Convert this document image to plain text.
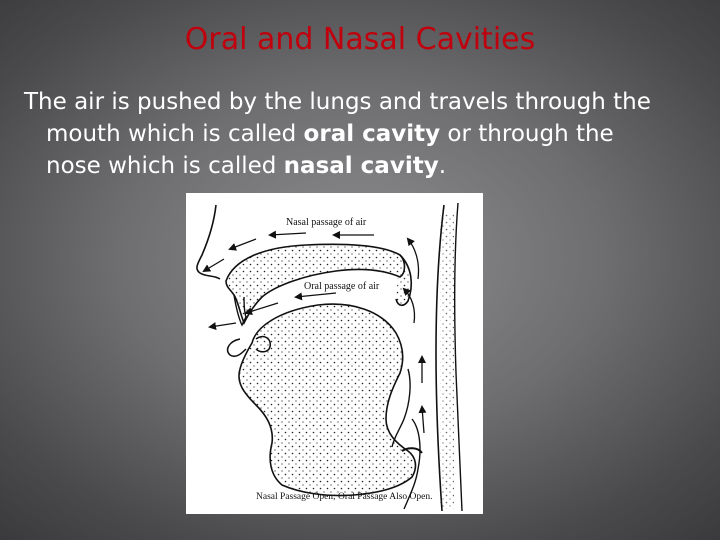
Oral and Nasal Cavities
The air is pushed by the lungs and travels through the
mouth which is called oral cavity or through the
nose which is called nasal cavity.
Nasal passage of air
Oral passage of air
Nasal Passage Open; Oral Passage Also Open.
